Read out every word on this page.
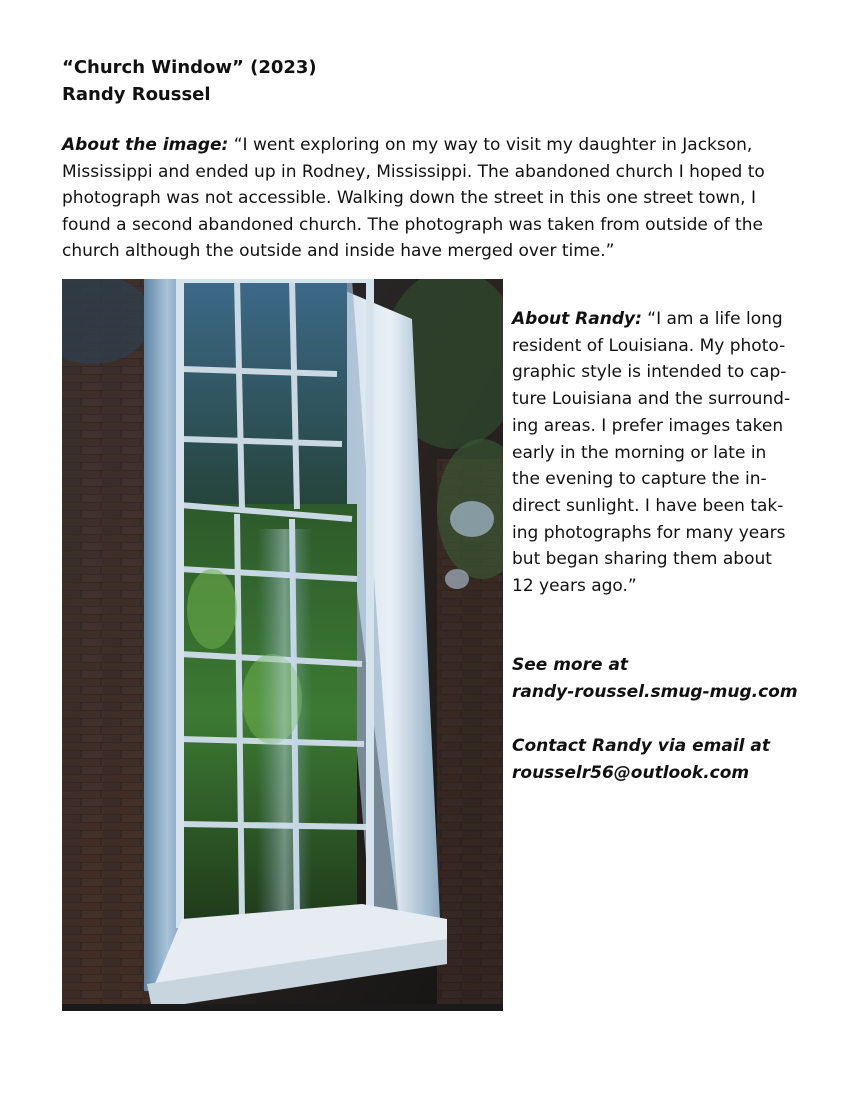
“Church Window” (2023)
Randy Roussel

About the image: “I went exploring on my way to visit my daughter in Jackson, Mississippi and ended up in Rodney, Mississippi. The abandoned church I hoped to photograph was not accessible. Walking down the street in this one street town, I found a second abandoned church. The photograph was taken from outside of the church although the outside and inside have merged over time.”

About Randy: “I am a life long
resident of Louisiana. My photo-
graphic style is intended to cap-
ture Louisiana and the surround-
ing areas. I prefer images taken
early in the morning or late in
the evening to capture the in-
direct sunlight. I have been tak-
ing photographs for many years
but began sharing them about
12 years ago.”

See more at

randy-roussel.smug-mug.com

Contact Randy via email at

rousselr56@outlook.com
